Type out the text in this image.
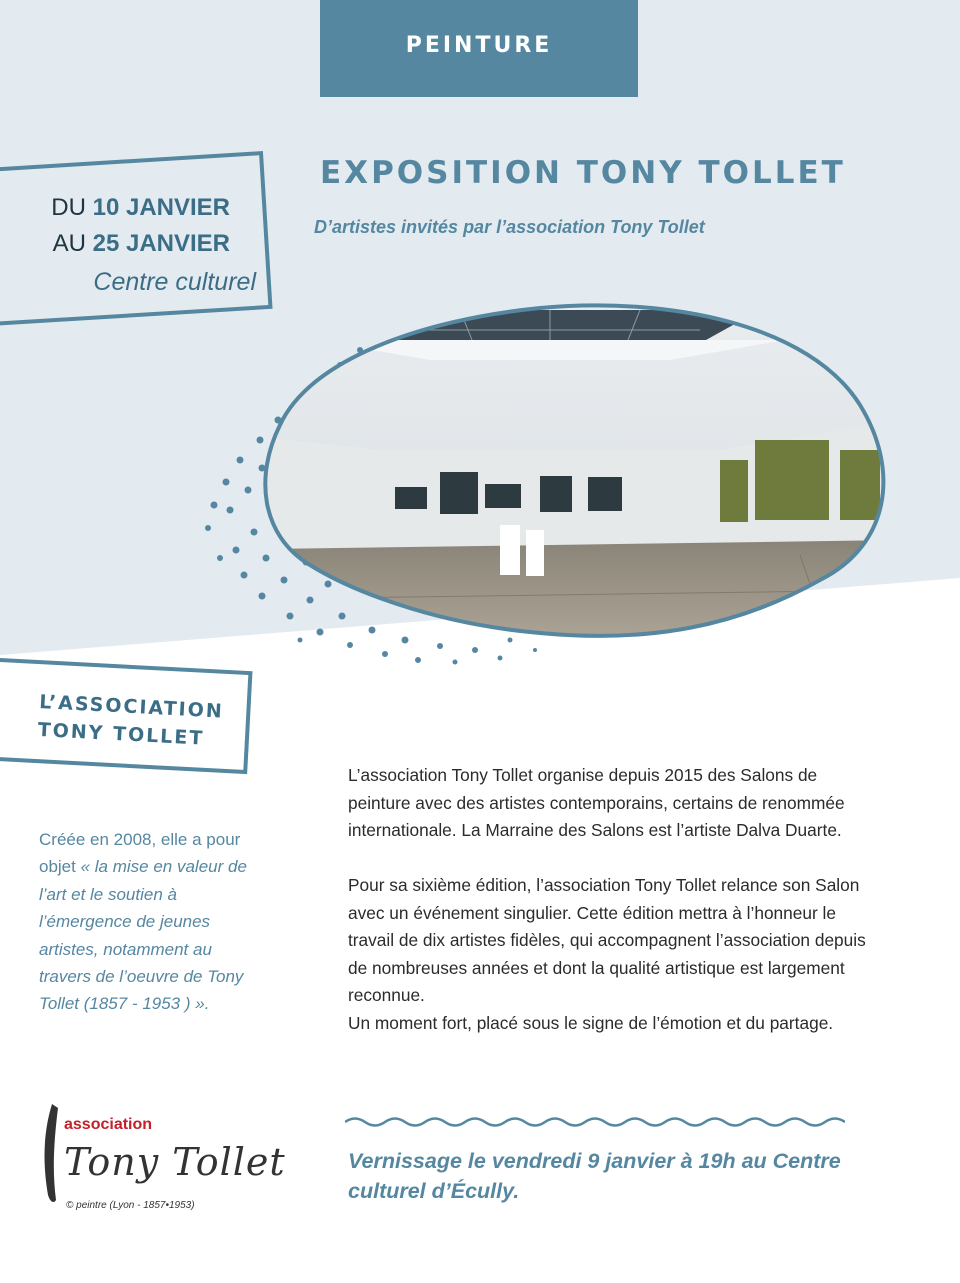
PEINTURE
DU 10 JANVIER
AU 25 JANVIER
Centre culturel
EXPOSITION TONY TOLLET
D’artistes invités par l’association Tony Tollet
L’ASSOCIATION
TONY TOLLET
Créée en 2008, elle a pour objet « la mise en valeur de l’art et le soutien à l’émergence de jeunes artistes, notamment au travers de l’oeuvre de Tony Tollet (1857 - 1953 ) ».

L’association Tony Tollet organise depuis 2015 des Salons de peinture avec des artistes contemporains, certains de renommée internationale. La Marraine des Salons est l’artiste Dalva Duarte.

Pour sa sixième édition, l’association Tony Tollet relance son Salon avec un événement singulier. Cette édition mettra à l’honneur le travail de dix artistes fidèles, qui accompagnent l’association depuis de nombreuses années et dont la qualité artistique est largement reconnue.

Un moment fort, placé sous le signe de l’émotion et du partage.

Vernissage le vendredi 9 janvier à 19h au Centre culturel d’Écully.
association
Tony Tollet
© peintre (Lyon - 1857•1953)
